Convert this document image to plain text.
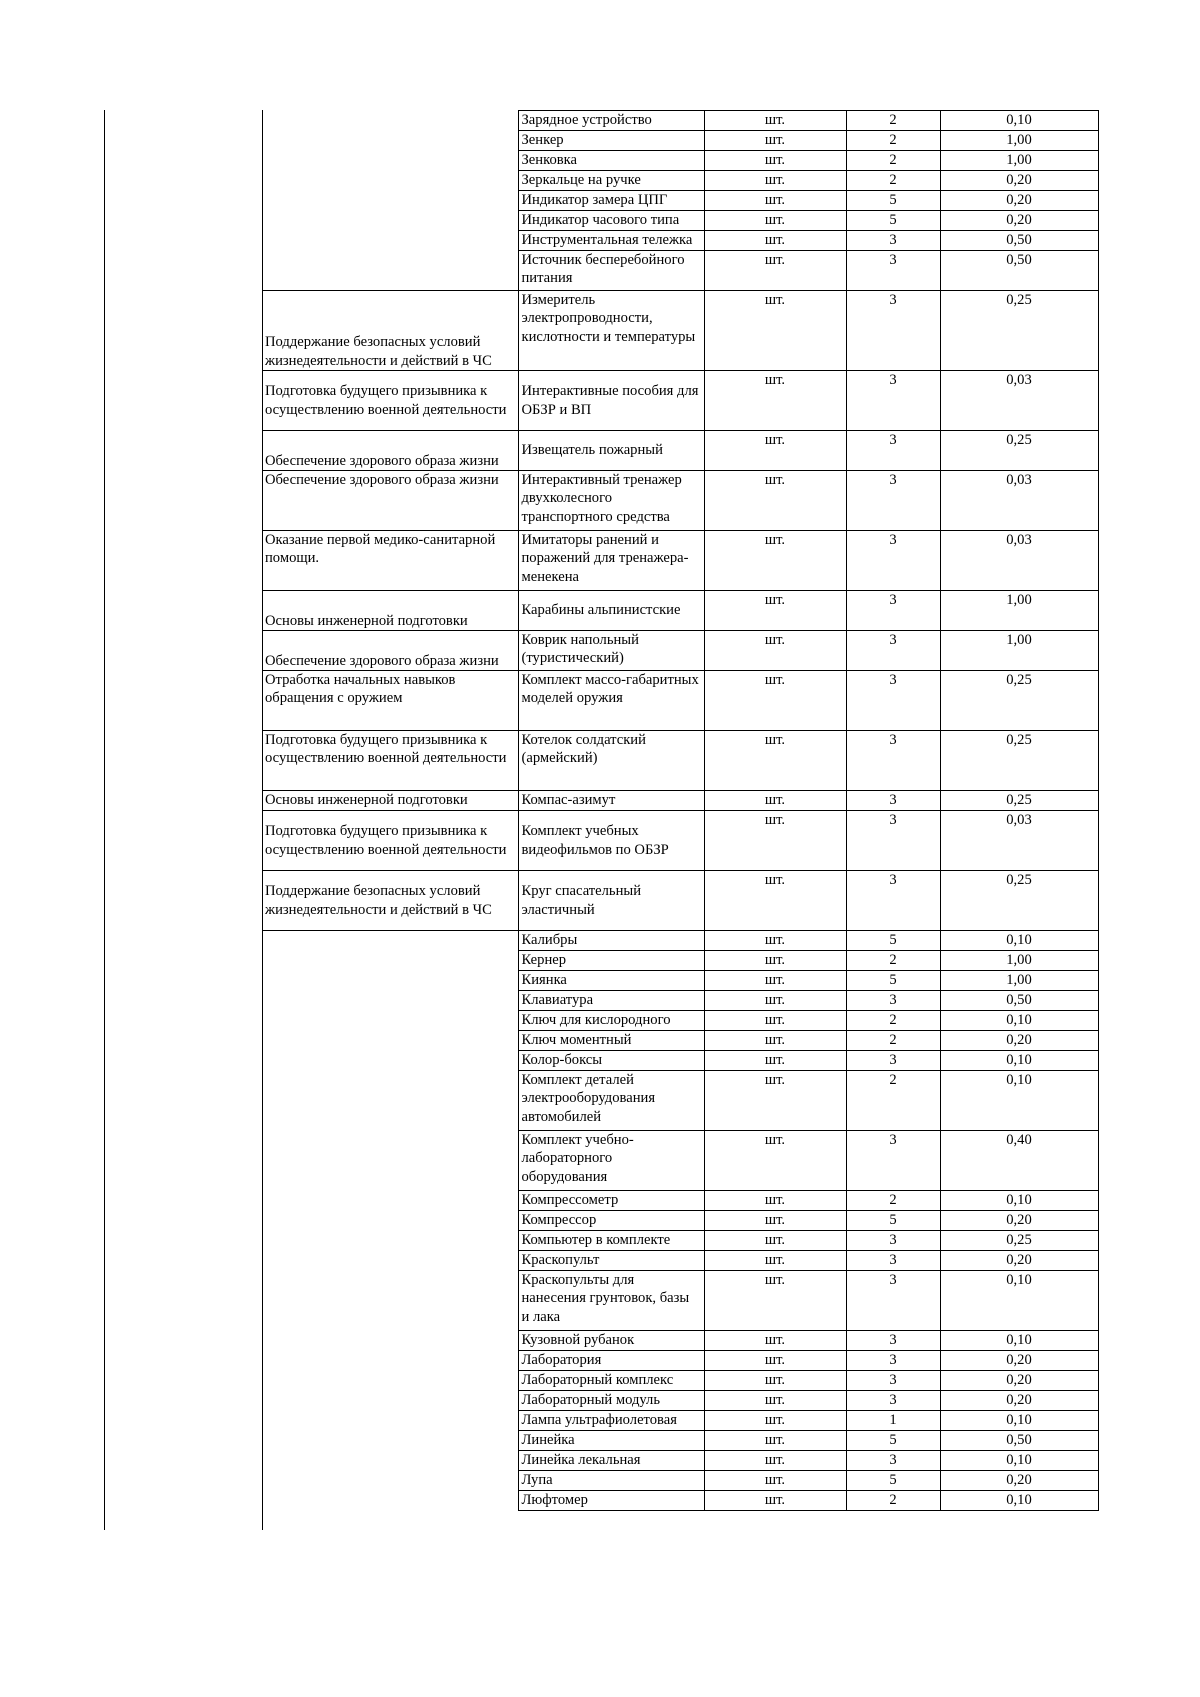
	Зарядное устройство	шт.	2	0,10
	Зенкер	шт.	2	1,00
	Зенковка	шт.	2	1,00
	Зеркальце на ручке	шт.	2	0,20
	Индикатор замера ЦПГ	шт.	5	0,20
	Индикатор часового типа	шт.	5	0,20
	Инструментальная тележка	шт.	3	0,50
	Источник бесперебойного питания	шт.	3	0,50
Поддержание безопасных условий жизнедеятельности и действий в ЧС	Измеритель электропроводности, кислотности и температуры	шт.	3	0,25
Подготовка будущего призывника к осуществлению военной деятельности	Интерактивные пособия для ОБЗР и ВП	шт.	3	0,03
Обеспечение здорового образа жизни	Извещатель пожарный	шт.	3	0,25
Обеспечение здорового образа жизни	Интерактивный тренажер двухколесного транспортного средства	шт.	3	0,03
Оказание первой медико-санитарной помощи.	Имитаторы ранений и поражений для тренажера-менекена	шт.	3	0,03
Основы инженерной подготовки	Карабины альпинистские	шт.	3	1,00
Обеспечение здорового образа жизни	Коврик напольный (туристический)	шт.	3	1,00
Отработка начальных навыков обращения с оружием	Комплект массо-габаритных моделей оружия	шт.	3	0,25
Подготовка будущего призывника к осуществлению военной деятельности	Котелок солдатский (армейский)	шт.	3	0,25
Основы инженерной подготовки	Компас-азимут	шт.	3	0,25
Подготовка будущего призывника к осуществлению военной деятельности	Комплект учебных видеофильмов по ОБЗР	шт.	3	0,03
Поддержание безопасных условий жизнедеятельности и действий в ЧС	Круг спасательный эластичный	шт.	3	0,25
	Калибры	шт.	5	0,10
	Кернер	шт.	2	1,00
	Киянка	шт.	5	1,00
	Клавиатура	шт.	3	0,50
	Ключ для кислородного	шт.	2	0,10
	Ключ моментный	шт.	2	0,20
	Колор-боксы	шт.	3	0,10
	Комплект деталей электрооборудования автомобилей	шт.	2	0,10
	Комплект учебно-лабораторного оборудования	шт.	3	0,40
	Компрессометр	шт.	2	0,10
	Компрессор	шт.	5	0,20
	Компьютер в комплекте	шт.	3	0,25
	Краскопульт	шт.	3	0,20
	Краскопульты для нанесения грунтовок, базы и лака	шт.	3	0,10
	Кузовной рубанок	шт.	3	0,10
	Лаборатория	шт.	3	0,20
	Лабораторный комплекс	шт.	3	0,20
	Лабораторный модуль	шт.	3	0,20
	Лампа ультрафиолетовая	шт.	1	0,10
	Линейка	шт.	5	0,50
	Линейка лекальная	шт.	3	0,10
	Лупа	шт.	5	0,20
	Люфтомер	шт.	2	0,10
